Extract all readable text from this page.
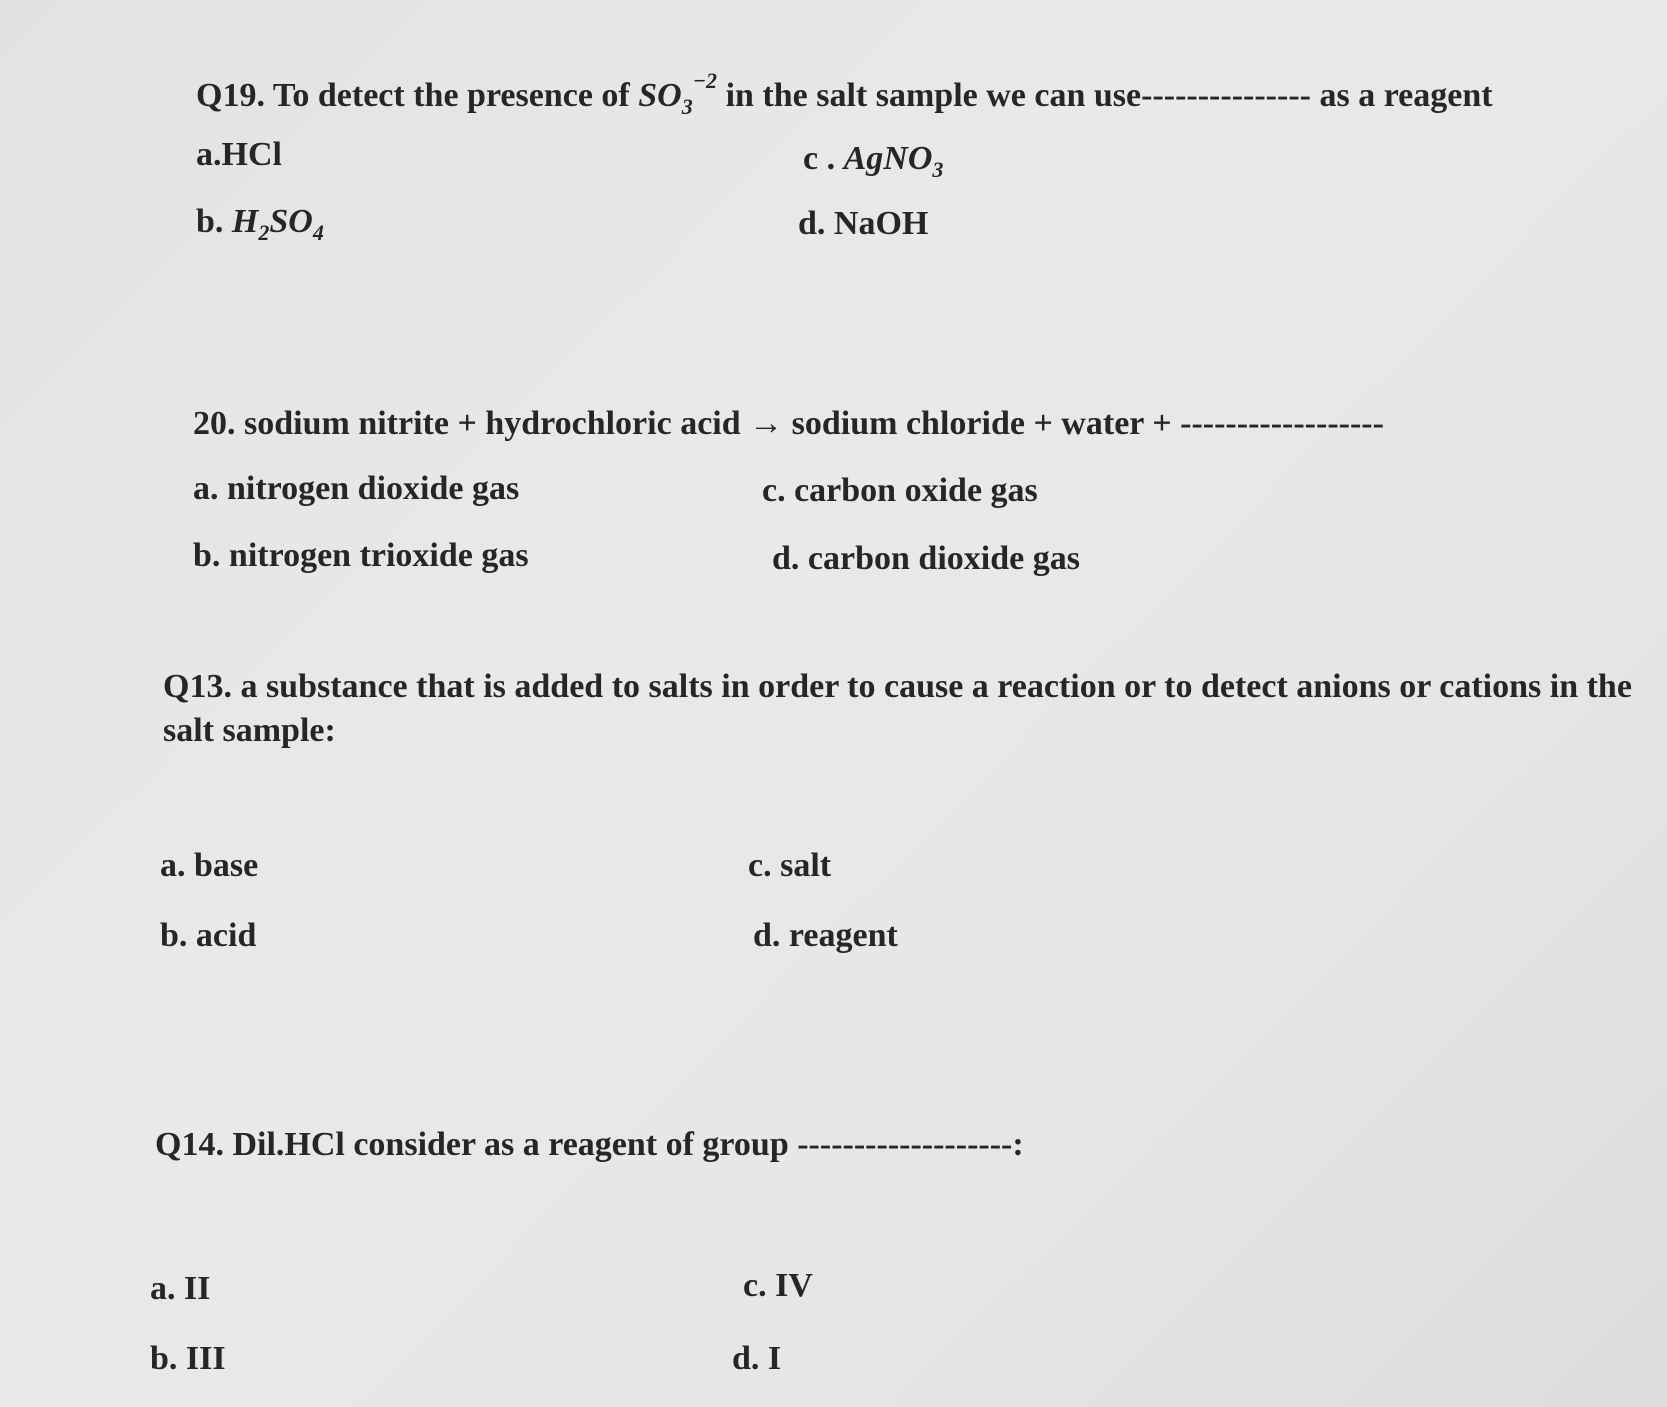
Q19. To detect the presence of $SO_3^{-2}$ in the salt sample we can use--------------- as a reagent
a.HCl	c . AgNO$_3$
b. $H_2SO_4$	d. NaOH
20. sodium nitrite + hydrochloric acid → sodium chloride + water + ------------------
a. nitrogen dioxide gas	c. carbon oxide gas
b. nitrogen trioxide gas	d. carbon dioxide gas
Q13. a substance that is added to salts in order to cause a reaction or to detect anions or cations in the salt sample:
a. base	c. salt
b. acid	d. reagent
Q14. Dil.HCl consider as a reagent of group -------------------:
a. II	c. IV
b. III	d. I
